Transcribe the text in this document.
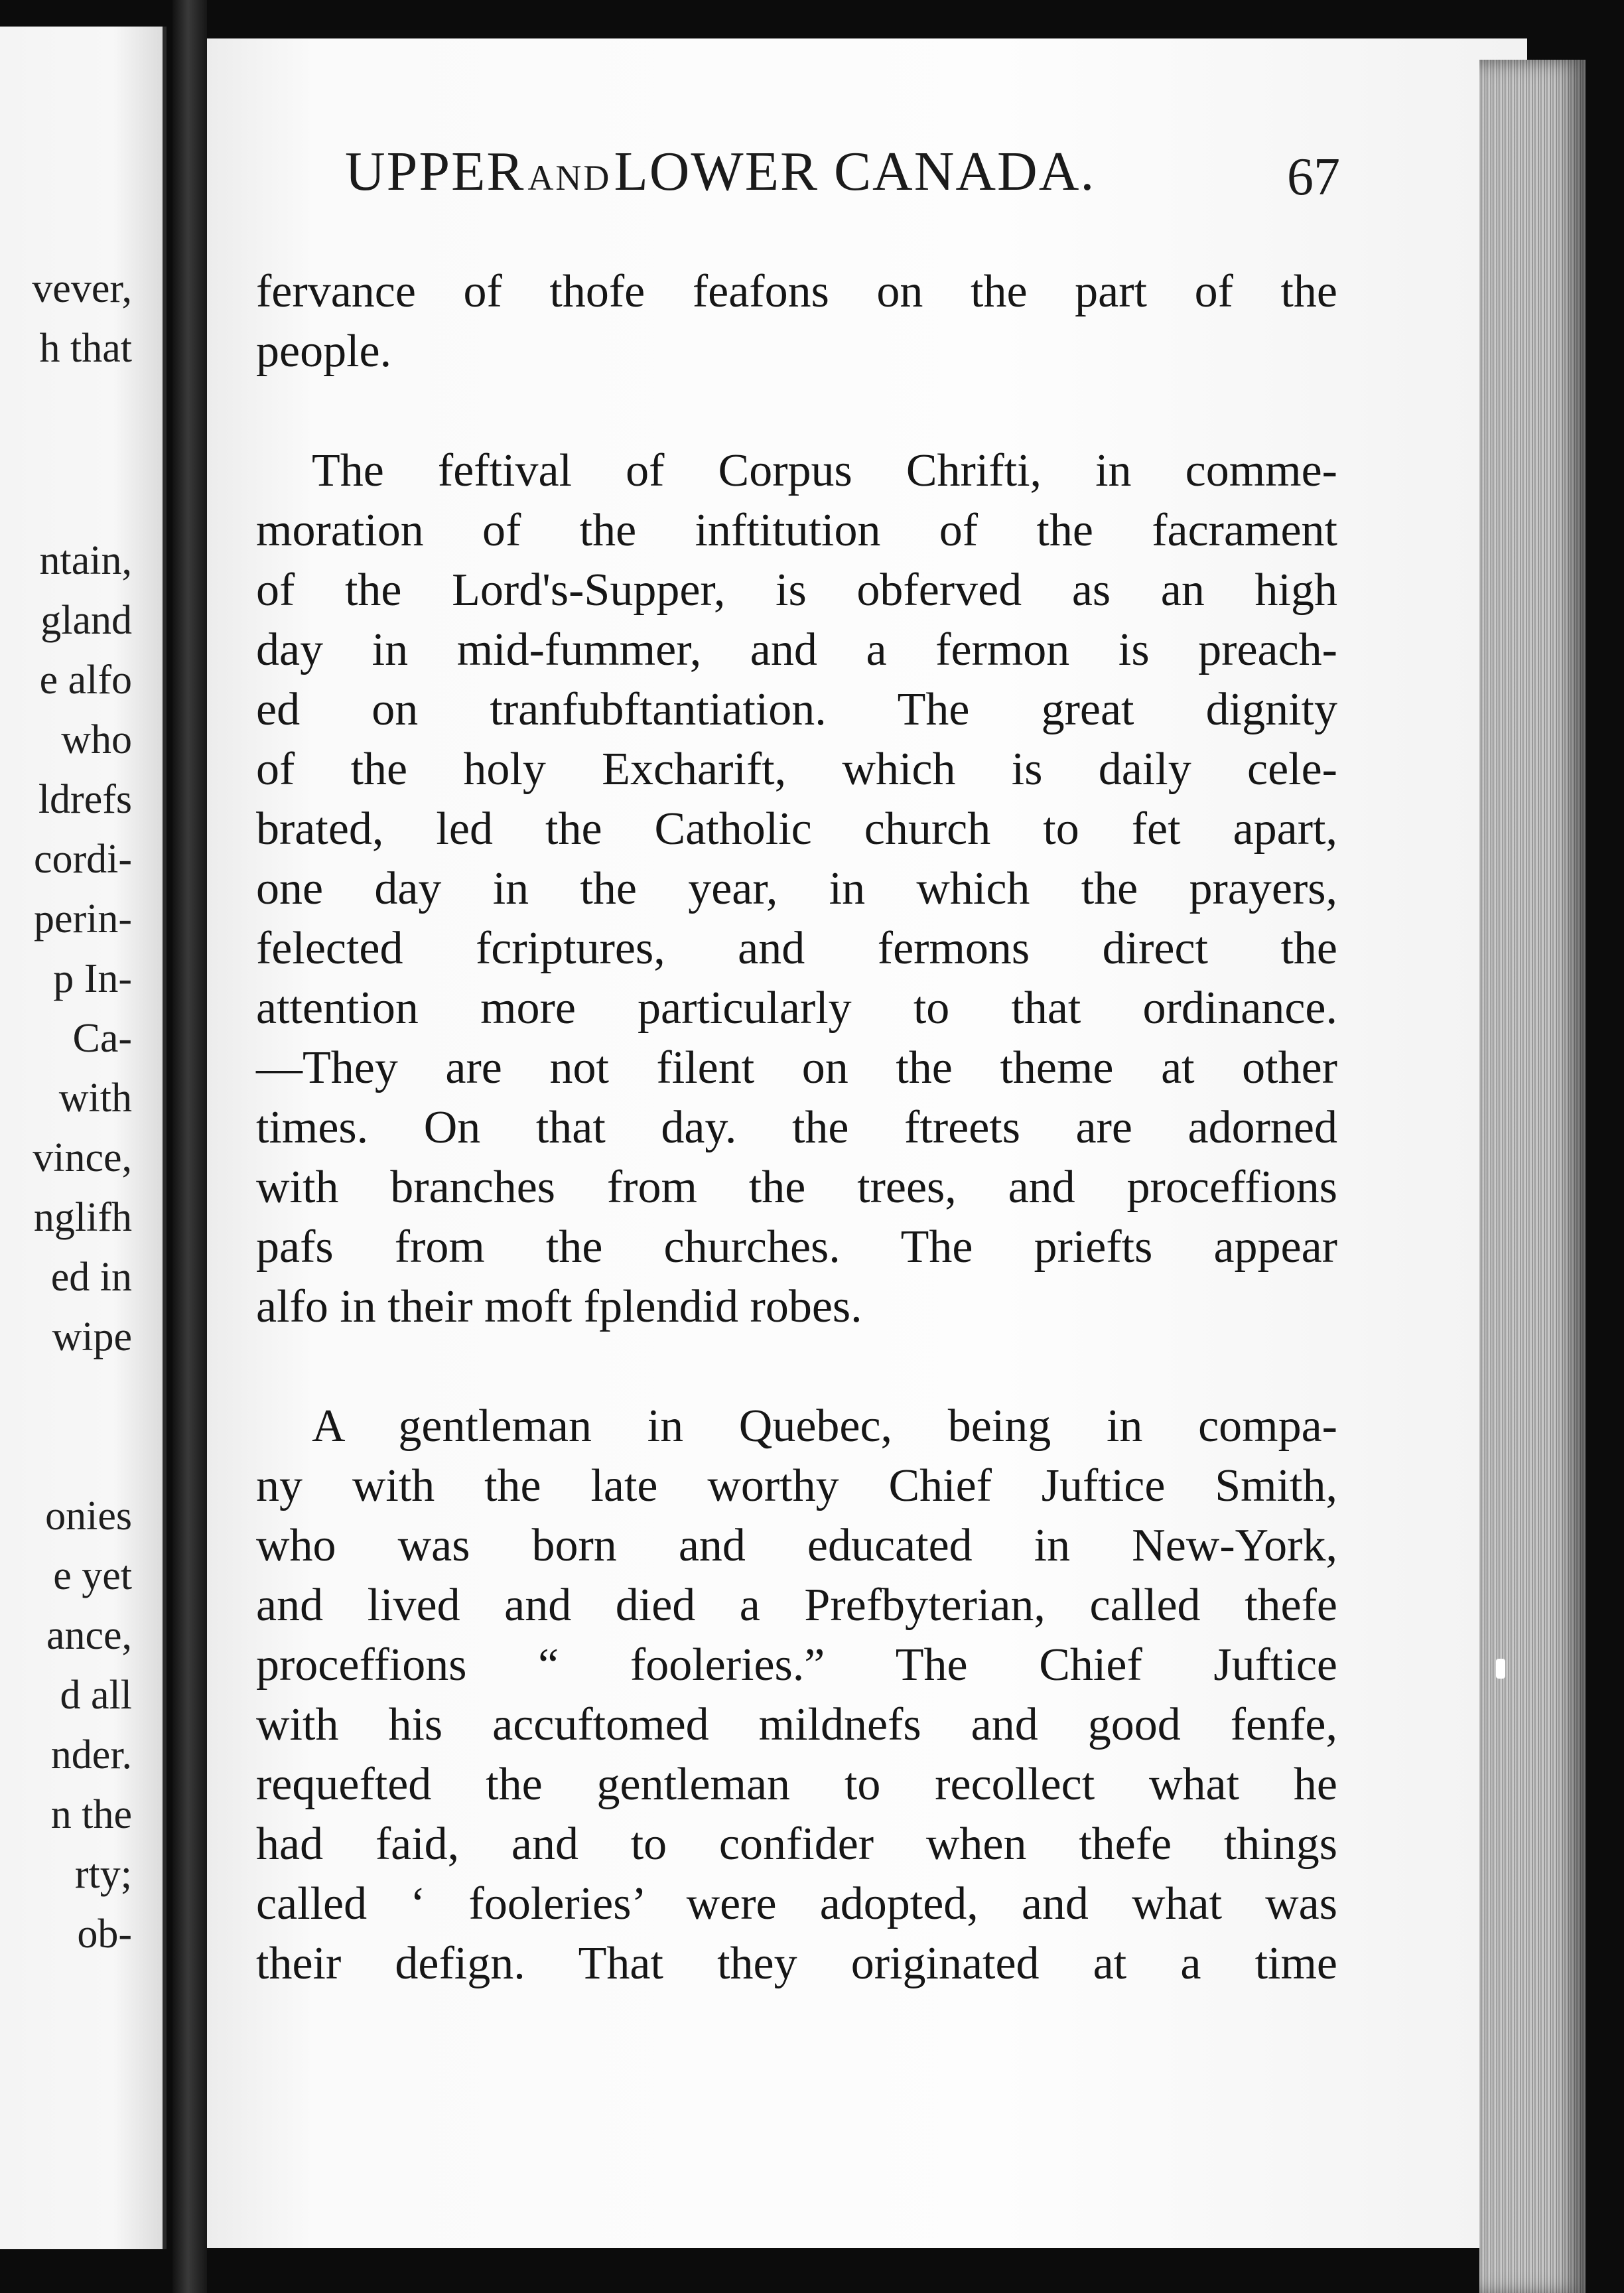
vever,
h that
ntain,
gland
e alfo
who
ldrefs
cordi-
perin-
p In-
Ca-
with
vince,
nglifh
ed in
wipe
onies
e yet
ance,
d all
nder.
n the
rty;
ob-
UPPER AND LOWER CANADA.	67
fervance of thofe feafons on the part of the
people.
The feftival of Corpus Chrifti, in comme-
moration of the inftitution of the facrament
of the Lord's-Supper, is obferved as an high
day in mid-fummer, and a fermon is preach-
ed on tranfubftantiation. The great dignity
of the holy Excharift, which is daily cele-
brated, led the Catholic church to fet apart,
one day in the year, in which the prayers,
felected fcriptures, and fermons direct the
attention more particularly to that ordinance.
—They are not filent on the theme at other
times. On that day. the ftreets are adorned
with branches from the trees, and proceffions
pafs from the churches. The priefts appear
alfo in their moft fplendid robes.
A gentleman in Quebec, being in compa-
ny with the late worthy Chief Juftice Smith,
who was born and educated in New-York,
and lived and died a Prefbyterian, called thefe
proceffions “ fooleries.” The Chief Juftice
with his accuftomed mildnefs and good fenfe,
requefted the gentleman to recollect what he
had faid, and to confider when thefe things
called ‘ fooleries’ were adopted, and what was
their defign. That they originated at a time
